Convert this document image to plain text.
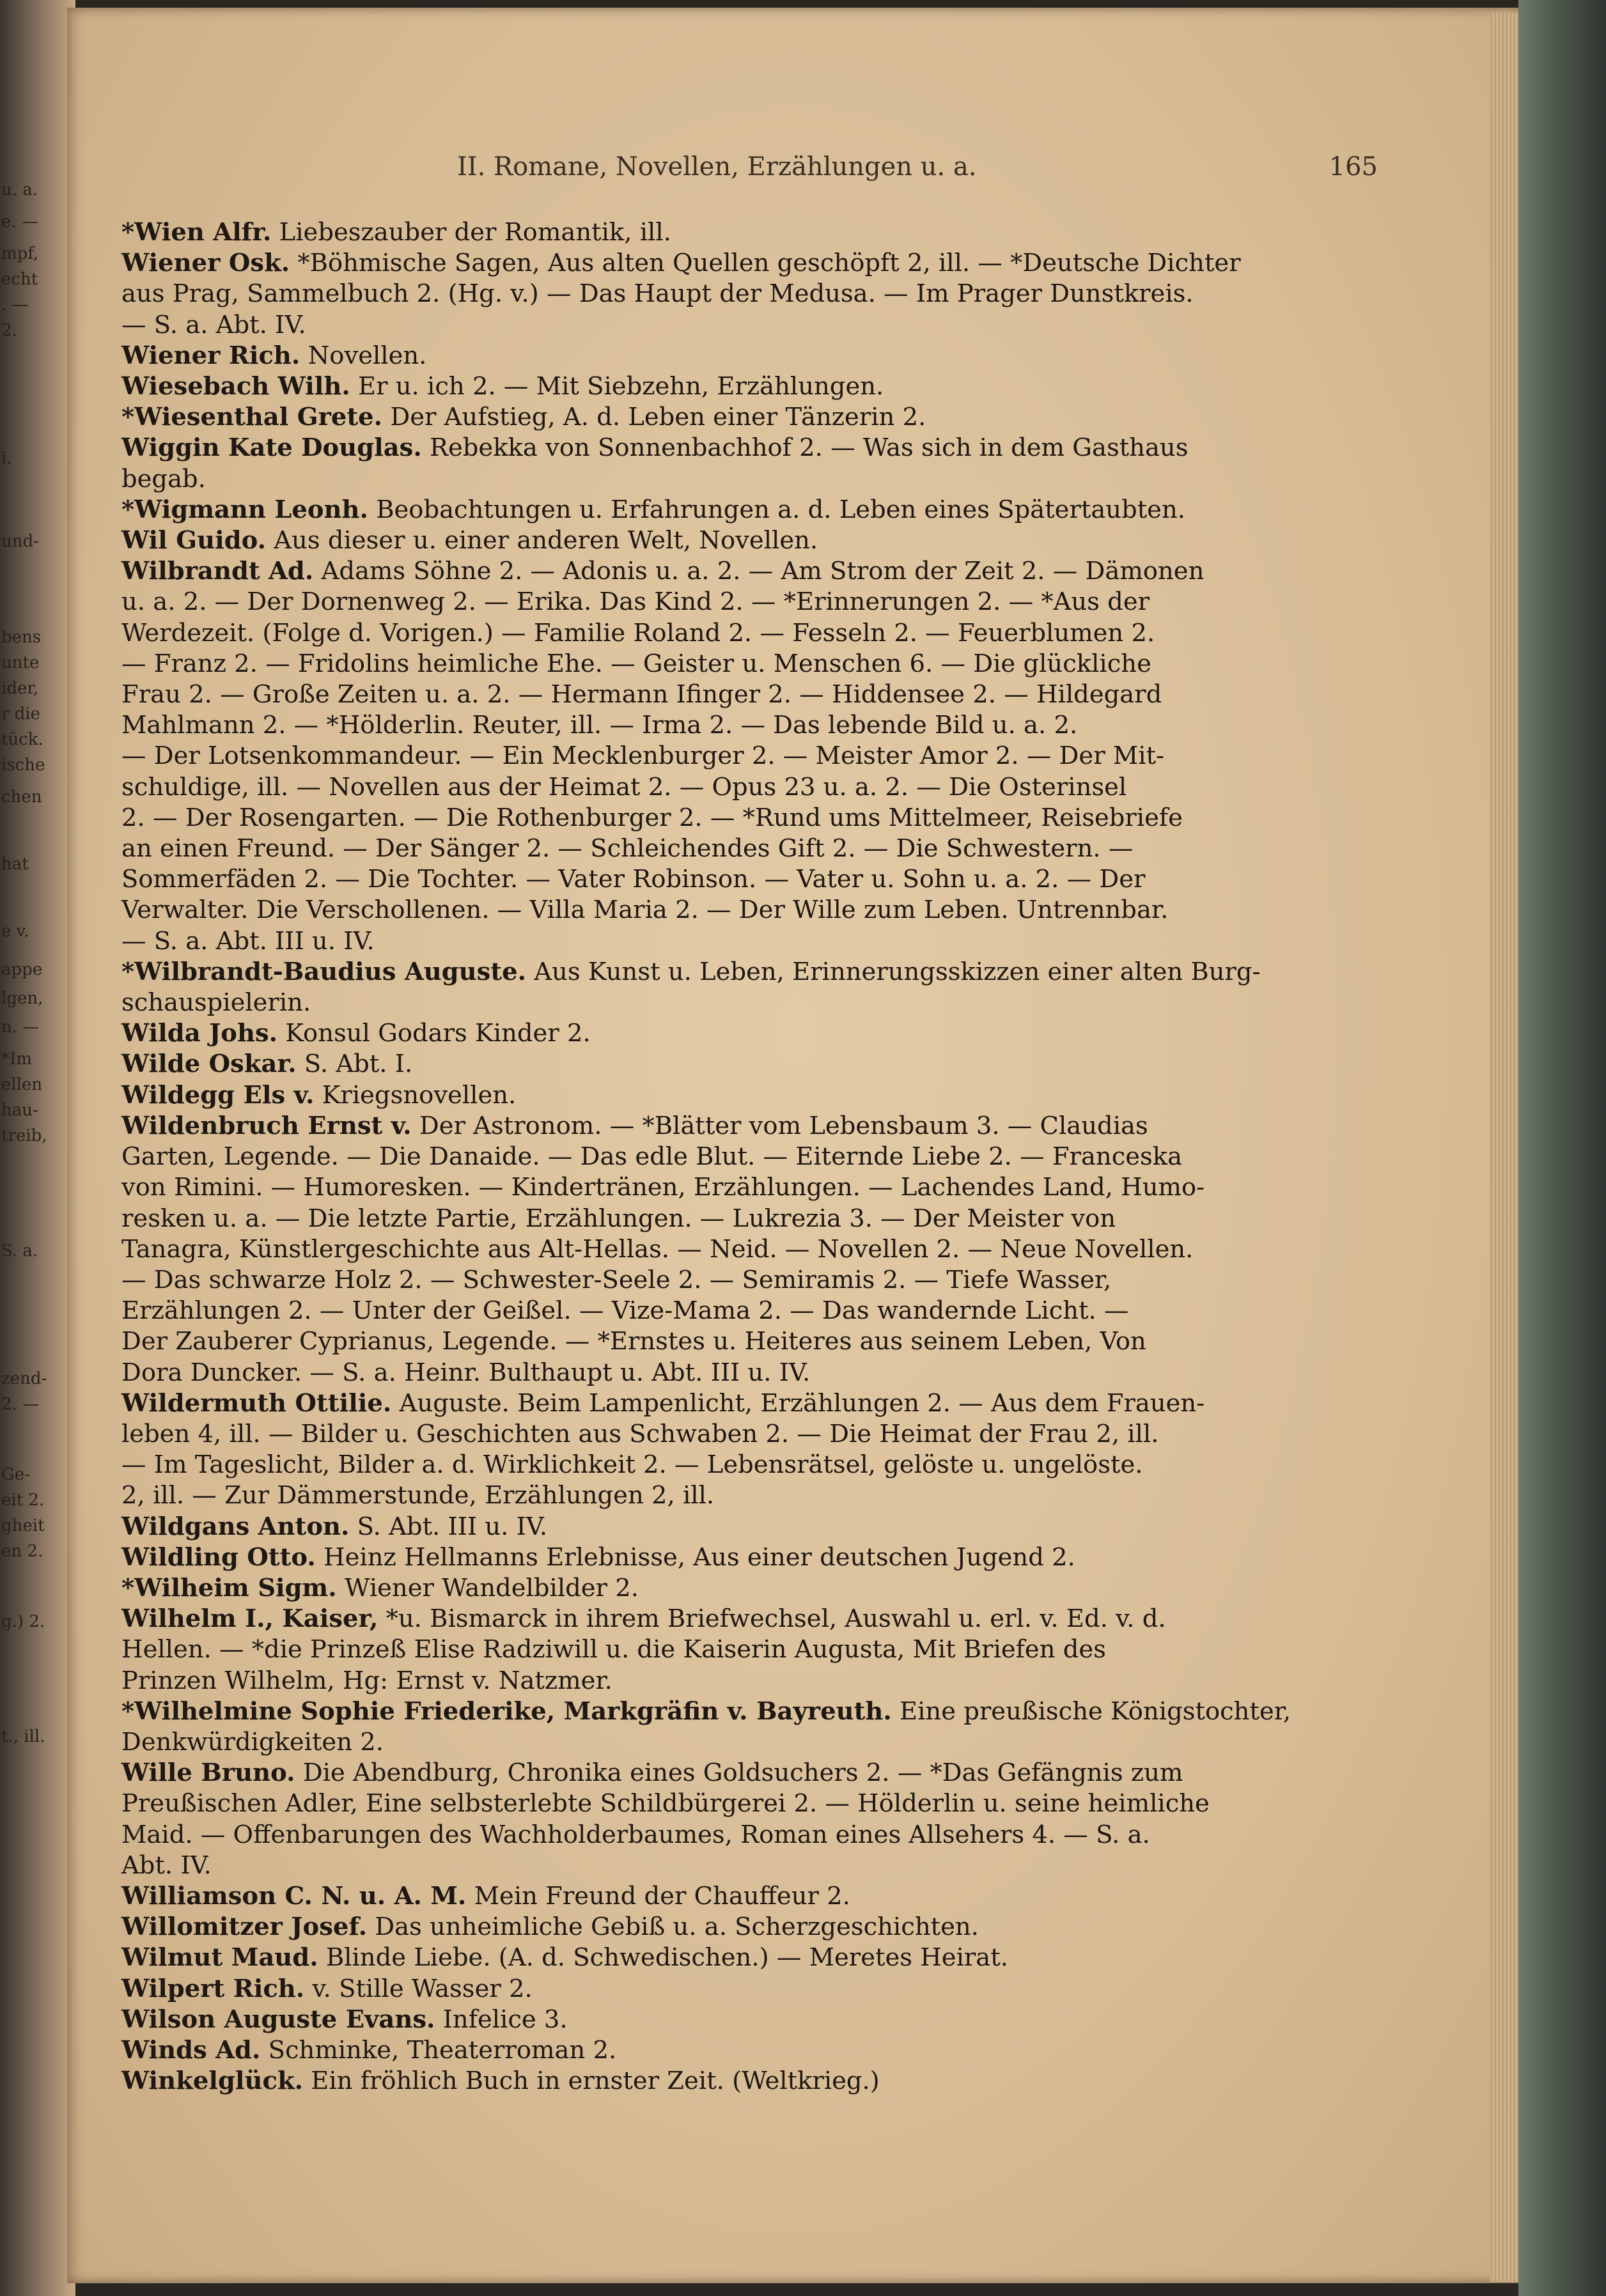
u. a.
e. —
mpf,
echt
. —
2.
i.
und-
bens
unte
ider,
r die
tück.
ische
chen
hat
e v.
appe
lgen,
n. —
*Im
ellen
hau-
treib,
S. a.
zend-
2. —
Ge-
eit 2.
gheit
en 2.
g.) 2.
t., ill.
II. Romane, Novellen, Erzählungen u. a.	165
*Wien Alfr. Liebeszauber der Romantik, ill.
Wiener Osk. *Böhmische Sagen, Aus alten Quellen geschöpft 2, ill. — *Deutsche Dichter
aus Prag, Sammelbuch 2. (Hg. v.) — Das Haupt der Medusa. — Im Prager Dunstkreis.
— S. a. Abt. IV.
Wiener Rich. Novellen.
Wiesebach Wilh. Er u. ich 2. — Mit Siebzehn, Erzählungen.
*Wiesenthal Grete. Der Aufstieg, A. d. Leben einer Tänzerin 2.
Wiggin Kate Douglas. Rebekka von Sonnenbachhof 2. — Was sich in dem Gasthaus
begab.
*Wigmann Leonh. Beobachtungen u. Erfahrungen a. d. Leben eines Spätertaubten.
Wil Guido. Aus dieser u. einer anderen Welt, Novellen.
Wilbrandt Ad. Adams Söhne 2. — Adonis u. a. 2. — Am Strom der Zeit 2. — Dämonen
u. a. 2. — Der Dornenweg 2. — Erika. Das Kind 2. — *Erinnerungen 2. — *Aus der
Werdezeit. (Folge d. Vorigen.) — Familie Roland 2. — Fesseln 2. — Feuerblumen 2.
— Franz 2. — Fridolins heimliche Ehe. — Geister u. Menschen 6. — Die glückliche
Frau 2. — Große Zeiten u. a. 2. — Hermann Ifinger 2. — Hiddensee 2. — Hildegard
Mahlmann 2. — *Hölderlin. Reuter, ill. — Irma 2. — Das lebende Bild u. a. 2.
— Der Lotsenkommandeur. — Ein Mecklenburger 2. — Meister Amor 2. — Der Mit-
schuldige, ill. — Novellen aus der Heimat 2. — Opus 23 u. a. 2. — Die Osterinsel
2. — Der Rosengarten. — Die Rothenburger 2. — *Rund ums Mittelmeer, Reisebriefe
an einen Freund. — Der Sänger 2. — Schleichendes Gift 2. — Die Schwestern. —
Sommerfäden 2. — Die Tochter. — Vater Robinson. — Vater u. Sohn u. a. 2. — Der
Verwalter. Die Verschollenen. — Villa Maria 2. — Der Wille zum Leben. Untrennbar.
— S. a. Abt. III u. IV.
*Wilbrandt-Baudius Auguste. Aus Kunst u. Leben, Erinnerungsskizzen einer alten Burg-
schauspielerin.
Wilda Johs. Konsul Godars Kinder 2.
Wilde Oskar. S. Abt. I.
Wildegg Els v. Kriegsnovellen.
Wildenbruch Ernst v. Der Astronom. — *Blätter vom Lebensbaum 3. — Claudias
Garten, Legende. — Die Danaide. — Das edle Blut. — Eiternde Liebe 2. — Franceska
von Rimini. — Humoresken. — Kindertränen, Erzählungen. — Lachendes Land, Humo-
resken u. a. — Die letzte Partie, Erzählungen. — Lukrezia 3. — Der Meister von
Tanagra, Künstlergeschichte aus Alt-Hellas. — Neid. — Novellen 2. — Neue Novellen.
— Das schwarze Holz 2. — Schwester-Seele 2. — Semiramis 2. — Tiefe Wasser,
Erzählungen 2. — Unter der Geißel. — Vize-Mama 2. — Das wandernde Licht. —
Der Zauberer Cyprianus, Legende. — *Ernstes u. Heiteres aus seinem Leben, Von
Dora Duncker. — S. a. Heinr. Bulthaupt u. Abt. III u. IV.
Wildermuth Ottilie. Auguste. Beim Lampenlicht, Erzählungen 2. — Aus dem Frauen-
leben 4, ill. — Bilder u. Geschichten aus Schwaben 2. — Die Heimat der Frau 2, ill.
— Im Tageslicht, Bilder a. d. Wirklichkeit 2. — Lebensrätsel, gelöste u. ungelöste.
2, ill. — Zur Dämmerstunde, Erzählungen 2, ill.
Wildgans Anton. S. Abt. III u. IV.
Wildling Otto. Heinz Hellmanns Erlebnisse, Aus einer deutschen Jugend 2.
*Wilheim Sigm. Wiener Wandelbilder 2.
Wilhelm I., Kaiser, *u. Bismarck in ihrem Briefwechsel, Auswahl u. erl. v. Ed. v. d.
Hellen. — *die Prinzeß Elise Radziwill u. die Kaiserin Augusta, Mit Briefen des
Prinzen Wilhelm, Hg: Ernst v. Natzmer.
*Wilhelmine Sophie Friederike, Markgräfin v. Bayreuth. Eine preußische Königstochter,
Denkwürdigkeiten 2.
Wille Bruno. Die Abendburg, Chronika eines Goldsuchers 2. — *Das Gefängnis zum
Preußischen Adler, Eine selbsterlebte Schildbürgerei 2. — Hölderlin u. seine heimliche
Maid. — Offenbarungen des Wachholderbaumes, Roman eines Allsehers 4. — S. a.
Abt. IV.
Williamson C. N. u. A. M. Mein Freund der Chauffeur 2.
Willomitzer Josef. Das unheimliche Gebiß u. a. Scherzgeschichten.
Wilmut Maud. Blinde Liebe. (A. d. Schwedischen.) — Meretes Heirat.
Wilpert Rich. v. Stille Wasser 2.
Wilson Auguste Evans. Infelice 3.
Winds Ad. Schminke, Theaterroman 2.
Winkelglück. Ein fröhlich Buch in ernster Zeit. (Weltkrieg.)
